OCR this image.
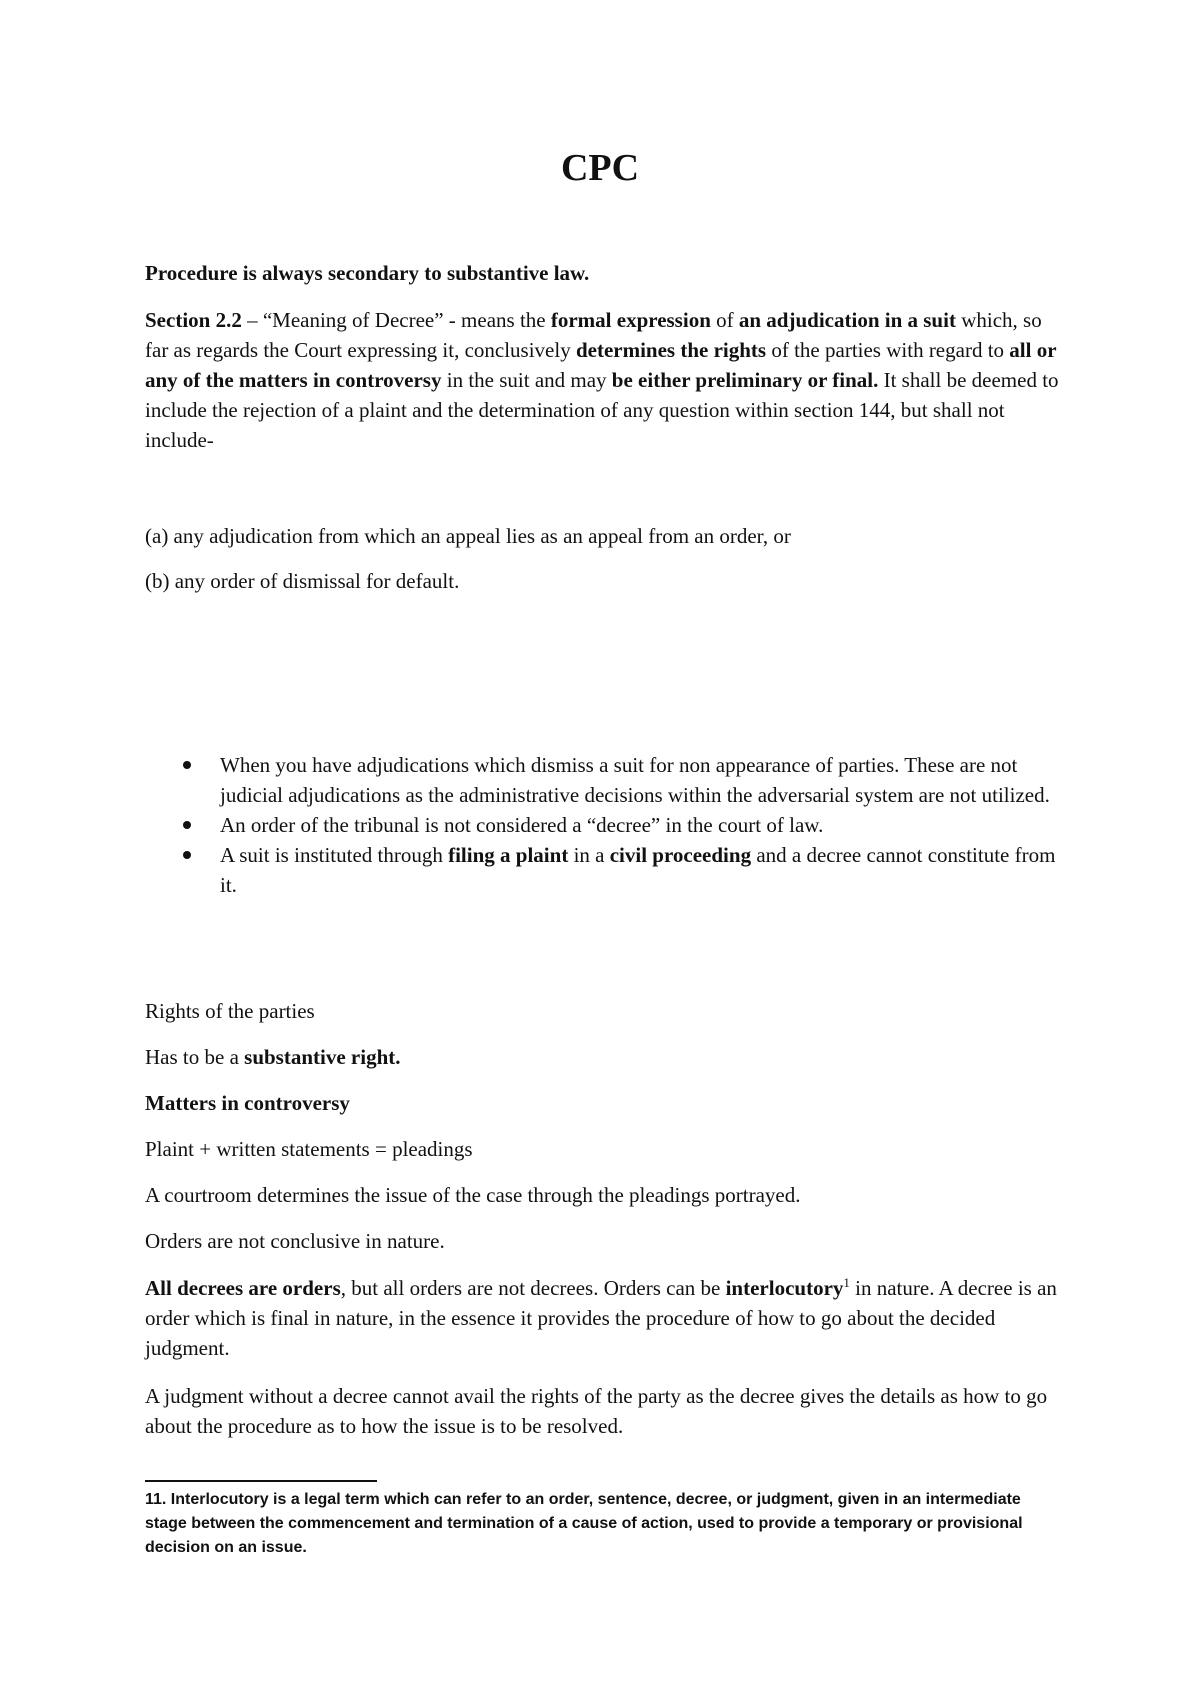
CPC

Procedure is always secondary to substantive law.

Section 2.2 – “Meaning of Decree” - means the formal expression of an adjudication in a suit which, so far as regards the Court expressing it, conclusively determines the rights of the parties with regard to all or any of the matters in controversy in the suit and may be either preliminary or final. It shall be deemed to include the rejection of a plaint and the determination of any question within section 144, but shall not include-

(a) any adjudication from which an appeal lies as an appeal from an order, or

(b) any order of dismissal for default.

When you have adjudications which dismiss a suit for non appearance of parties. These are not judicial adjudications as the administrative decisions within the adversarial system are not utilized.
An order of the tribunal is not considered a “decree” in the court of law.
A suit is instituted through filing a plaint in a civil proceeding and a decree cannot constitute from it.

Rights of the parties

Has to be a substantive right.

Matters in controversy

Plaint + written statements = pleadings

A courtroom determines the issue of the case through the pleadings portrayed.

Orders are not conclusive in nature.

All decrees are orders, but all orders are not decrees. Orders can be interlocutory$^1$ in nature. A decree is an order which is final in nature, in the essence it provides the procedure of how to go about the decided judgment.

A judgment without a decree cannot avail the rights of the party as the decree gives the details as how to go about the procedure as to how the issue is to be resolved.

11. Interlocutory is a legal term which can refer to an order, sentence, decree, or judgment, given in an intermediate stage between the commencement and termination of a cause of action, used to provide a temporary or provisional decision on an issue.
